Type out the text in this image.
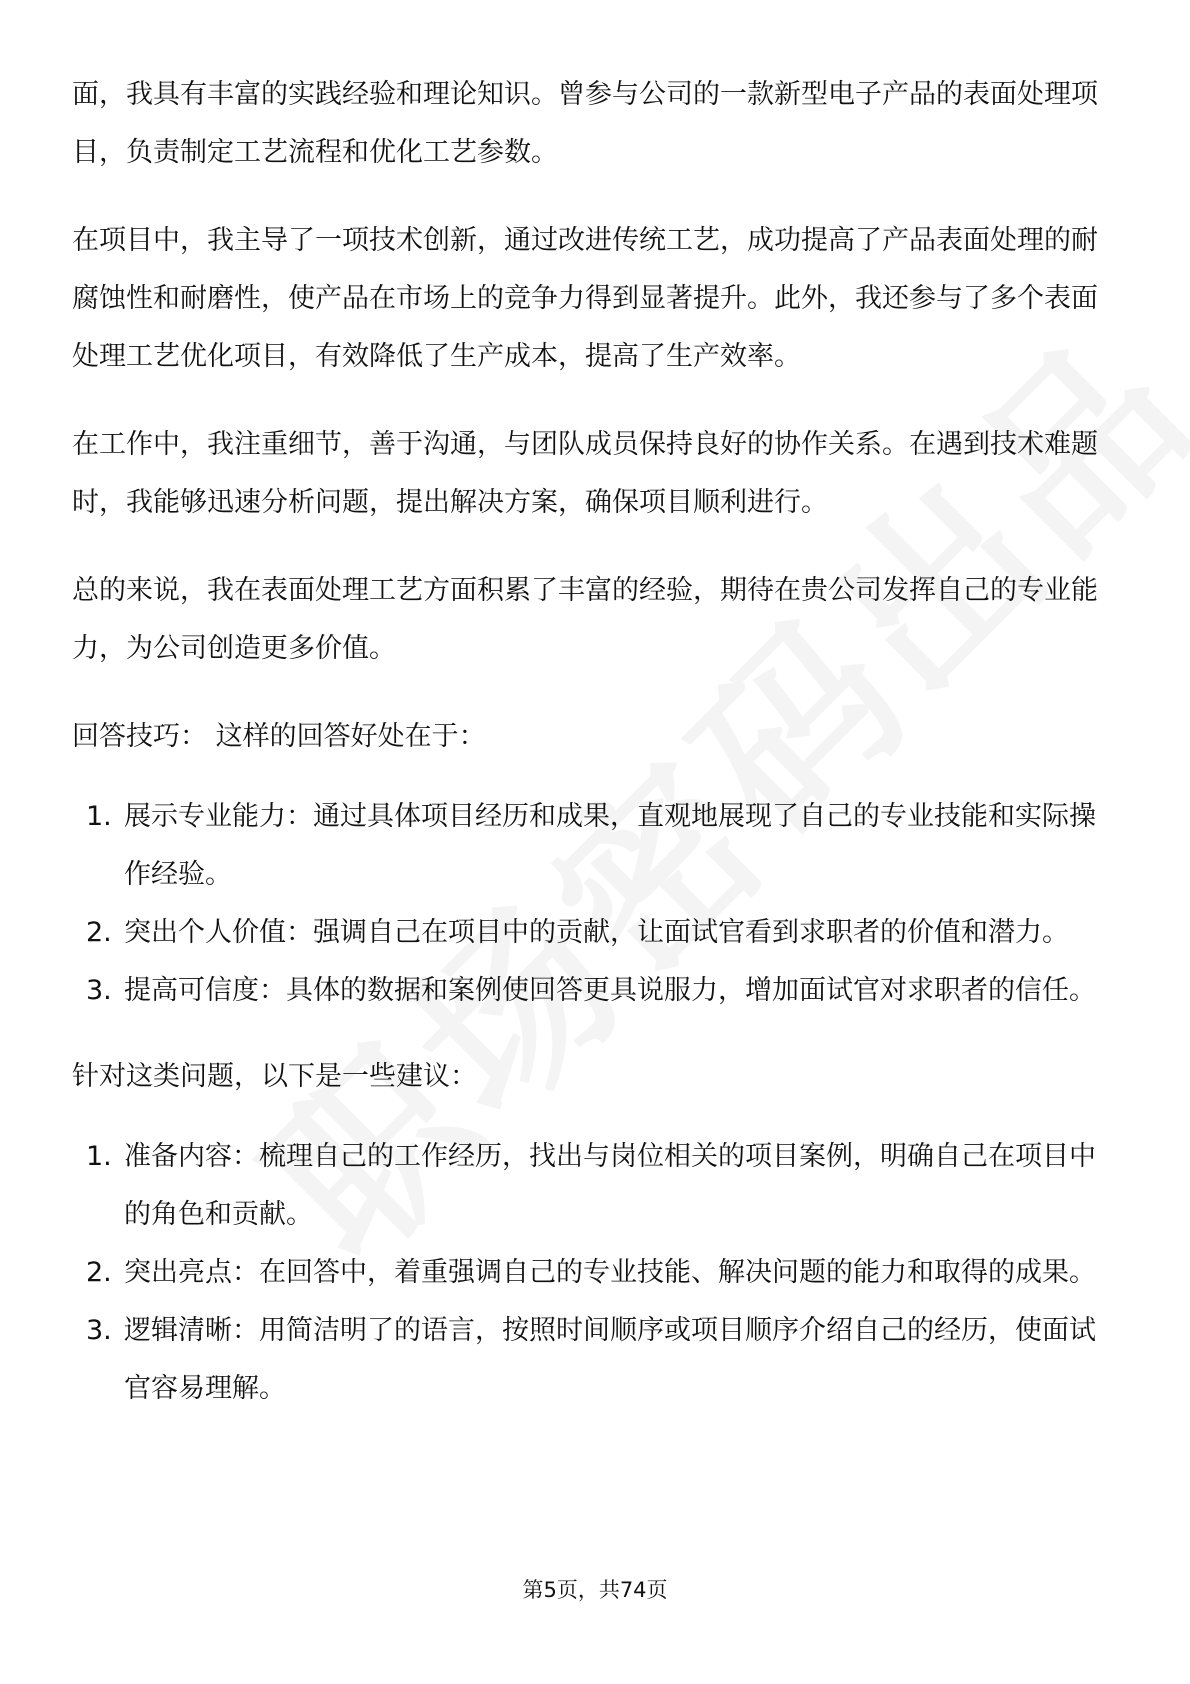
面，我具有丰富的实践经验和理论知识。曾参与公司的一款新型电子产品的表面处理项目，负责制定工艺流程和优化工艺参数。

在项目中，我主导了一项技术创新，通过改进传统工艺，成功提高了产品表面处理的耐腐蚀性和耐磨性，使产品在市场上的竞争力得到显著提升。此外，我还参与了多个表面处理工艺优化项目，有效降低了生产成本，提高了生产效率。

在工作中，我注重细节，善于沟通，与团队成员保持良好的协作关系。在遇到技术难题时，我能够迅速分析问题，提出解决方案，确保项目顺利进行。

总的来说，我在表面处理工艺方面积累了丰富的经验，期待在贵公司发挥自己的专业能力，为公司创造更多价值。

回答技巧： 这样的回答好处在于：

1. 展示专业能力：通过具体项目经历和成果，直观地展现了自己的专业技能和实际操作经验。
2. 突出个人价值：强调自己在项目中的贡献，让面试官看到求职者的价值和潜力。
3. 提高可信度：具体的数据和案例使回答更具说服力，增加面试官对求职者的信任。

针对这类问题，以下是一些建议：

1. 准备内容：梳理自己的工作经历，找出与岗位相关的项目案例，明确自己在项目中的角色和贡献。
2. 突出亮点：在回答中，着重强调自己的专业技能、解决问题的能力和取得的成果。
3. 逻辑清晰：用简洁明了的语言，按照时间顺序或项目顺序介绍自己的经历，使面试官容易理解。
第5页，共74页
